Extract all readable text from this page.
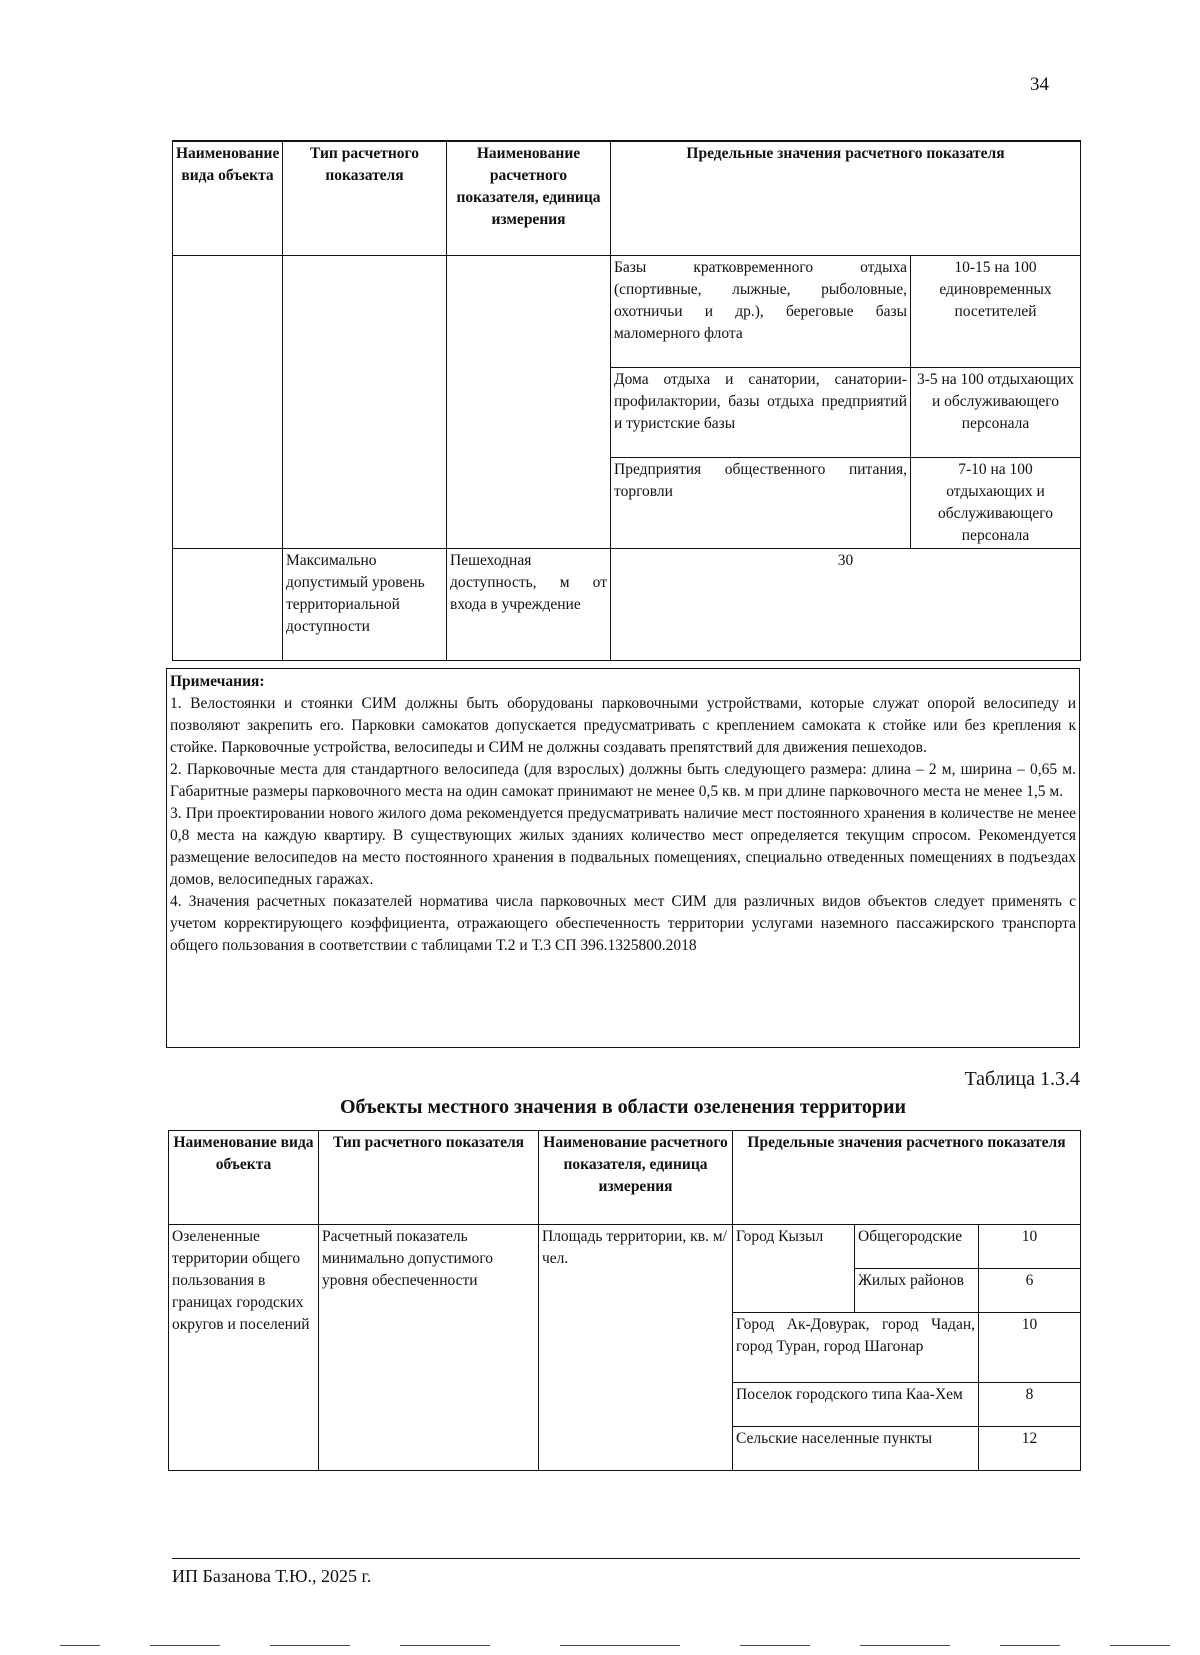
34
Наименование вида объекта	Тип расчетного показателя	Наименование расчетного показателя, единица измерения	Предельные значения расчетного показателя	
			Базы кратковременного отдыха (спортивные, лыжные, рыболовные, охотничьи и др.), береговые базы маломерного флота	10-15 на 100 единовременных посетителей
			Дома отдыха и санатории, санатории-профилактории, базы отдыха предприятий и туристские базы	3-5 на 100 отдыхающих и обслуживающего персонала
			Предприятия общественного питания, торговли	7-10 на 100 отдыхающих и обслуживающего персонала
	Максимально допустимый уровень территориальной доступности	Пешеходная доступность, м от входа в учреждение	30	

Примечания:

1. Велостоянки и стоянки СИМ должны быть оборудованы парковочными устройствами, которые служат опорой велосипеду и позволяют закрепить его. Парковки самокатов допускается предусматривать с креплением самоката к стойке или без крепления к стойке. Парковочные устройства, велосипеды и СИМ не должны создавать препятствий для движения пешеходов.

2. Парковочные места для стандартного велосипеда (для взрослых) должны быть следующего размера: длина – 2 м, ширина – 0,65 м. Габаритные размеры парковочного места на один самокат принимают не менее 0,5 кв. м при длине парковочного места не менее 1,5 м.

3. При проектировании нового жилого дома рекомендуется предусматривать наличие мест постоянного хранения в количестве не менее 0,8 места на каждую квартиру. В существующих жилых зданиях количество мест определяется текущим спросом. Рекомендуется размещение велосипедов на место постоянного хранения в подвальных помещениях, специально отведенных помещениях в подъездах домов, велосипедных гаражах.

4. Значения расчетных показателей норматива числа парковочных мест СИМ для различных видов объектов следует применять с учетом корректирующего коэффициента, отражающего обеспеченность территории услугами наземного пассажирского транспорта общего пользования в соответствии с таблицами Т.2 и Т.3 СП 396.1325800.2018

Таблица 1.3.4
Объекты местного значения в области озеленения территории
Наименование вида объекта	Тип расчетного показателя	Наименование расчетного показателя, единица измерения	Предельные значения расчетного показателя		
Озелененные территории общего пользования в границах городских округов и поселений	Расчетный показатель минимально допустимого уровня обеспеченности	Площадь территории, кв. м/чел.	Город Кызыл	Общегородские	10
				Жилых районов	6
			Город Ак-Довурак, город Чадан, город Туран, город Шагонар		10
			Поселок городского типа Каа-Хем		8
			Сельские населенные пункты		12
ИП Базанова Т.Ю., 2025 г.
